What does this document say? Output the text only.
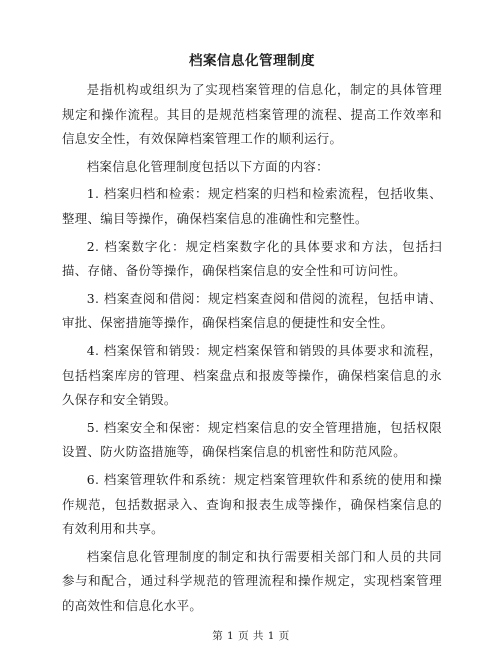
档案信息化管理制度

是指机构或组织为了实现档案管理的信息化，制定的具体管理规定和操作流程。其目的是规范档案管理的流程、提高工作效率和信息安全性，有效保障档案管理工作的顺利运行。

档案信息化管理制度包括以下方面的内容：

1. 档案归档和检索：规定档案的归档和检索流程，包括收集、整理、编目等操作，确保档案信息的准确性和完整性。

2. 档案数字化：规定档案数字化的具体要求和方法，包括扫描、存储、备份等操作，确保档案信息的安全性和可访问性。

3. 档案查阅和借阅：规定档案查阅和借阅的流程，包括申请、审批、保密措施等操作，确保档案信息的便捷性和安全性。

4. 档案保管和销毁：规定档案保管和销毁的具体要求和流程，包括档案库房的管理、档案盘点和报废等操作，确保档案信息的永久保存和安全销毁。

5. 档案安全和保密：规定档案信息的安全管理措施，包括权限设置、防火防盗措施等，确保档案信息的机密性和防范风险。

6. 档案管理软件和系统：规定档案管理软件和系统的使用和操作规范，包括数据录入、查询和报表生成等操作，确保档案信息的有效利用和共享。

档案信息化管理制度的制定和执行需要相关部门和人员的共同参与和配合，通过科学规范的管理流程和操作规定，实现档案管理的高效性和信息化水平。

第 1 页 共 1 页
